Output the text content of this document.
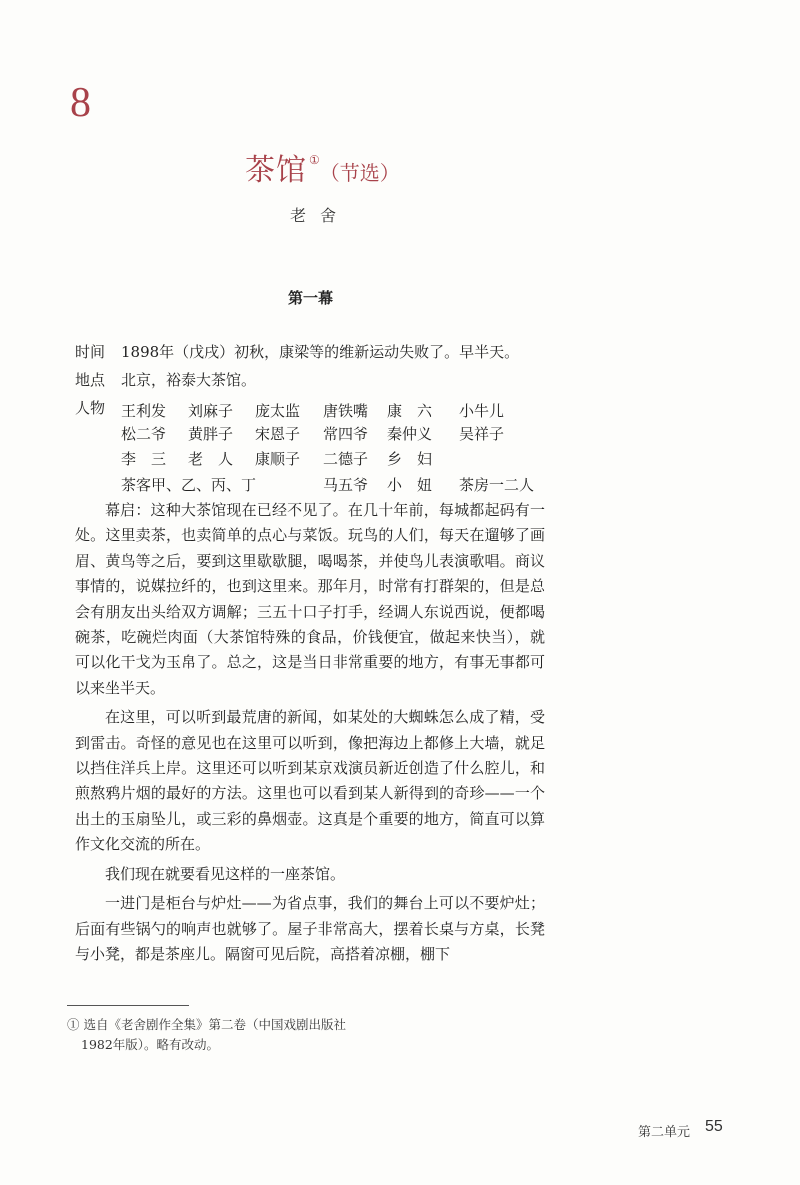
8
茶馆 ①（节选）
老舍
第一幕
时间 1898年（戊戌）初秋，康梁等的维新运动失败了。早半天。
地点 北京，裕泰大茶馆。
人物	王利发 刘麻子 庞太监 唐铁嘴 康　六 小牛儿
松二爷 黄胖子 宋恩子 常四爷 秦仲义 吴祥子
李　三 老　人 康顺子 二德子 乡　妇
茶客甲、乙、丙、丁	马五爷 小　妞 茶房一二人

幕启：这种大茶馆现在已经不见了。在几十年前，每城都起码有一处。这里卖茶，也卖简单的点心与菜饭。玩鸟的人们，每天在遛够了画眉、黄鸟等之后，要到这里歇歇腿，喝喝茶，并使鸟儿表演歌唱。商议事情的，说媒拉纤的，也到这里来。那年月，时常有打群架的，但是总会有朋友出头给双方调解；三五十口子打手，经调人东说西说，便都喝碗茶，吃碗烂肉面（大茶馆特殊的食品，价钱便宜，做起来快当），就可以化干戈为玉帛了。总之，这是当日非常重要的地方，有事无事都可以来坐半天。

在这里，可以听到最荒唐的新闻，如某处的大蜘蛛怎么成了精，受到雷击。奇怪的意见也在这里可以听到，像把海边上都修上大墙，就足以挡住洋兵上岸。这里还可以听到某京戏演员新近创造了什么腔儿，和煎熬鸦片烟的最好的方法。这里也可以看到某人新得到的奇珍——一个出土的玉扇坠儿，或三彩的鼻烟壶。这真是个重要的地方，简直可以算作文化交流的所在。

我们现在就要看见这样的一座茶馆。

一进门是柜台与炉灶——为省点事，我们的舞台上可以不要炉灶；后面有些锅勺的响声也就够了。屋子非常高大，摆着长桌与方桌，长凳与小凳，都是茶座儿。隔窗可见后院，高搭着凉棚，棚下

① 选自《老舍剧作全集》第二卷（中国戏剧出版社
1982年版）。略有改动。
第二单元 55
